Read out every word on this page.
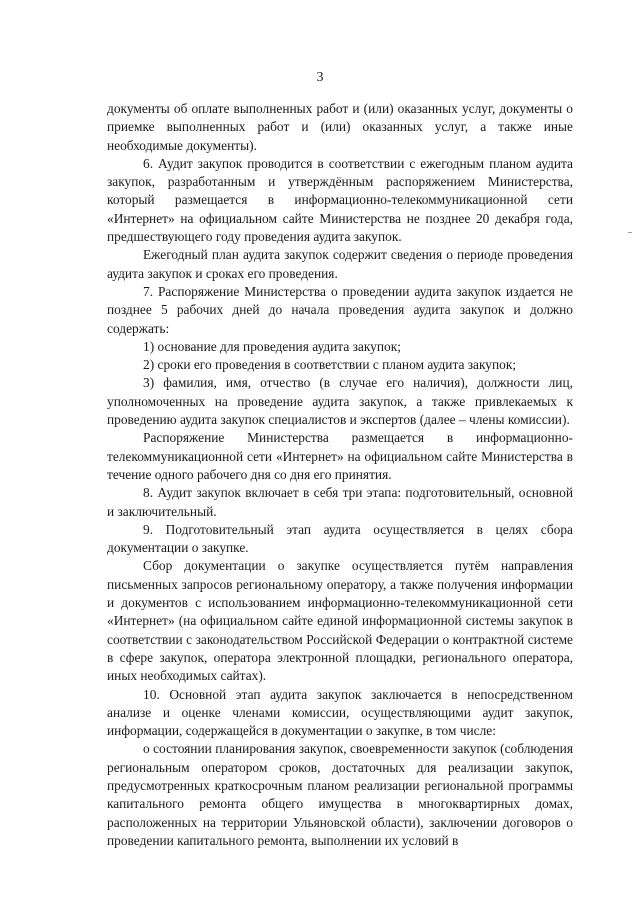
3

документы об оплате выполненных работ и (или) оказанных услуг, документы о приемке выполненных работ и (или) оказанных услуг, а также иные необходимые документы).

6. Аудит закупок проводится в соответствии с ежегодным планом аудита закупок, разработанным и утверждённым распоряжением Министерства, который размещается в информационно-телекоммуникационной сети «Интернет» на официальном сайте Министерства не позднее 20 декабря года, предшествующего году проведения аудита закупок.

Ежегодный план аудита закупок содержит сведения о периоде проведения аудита закупок и сроках его проведения.

7. Распоряжение Министерства о проведении аудита закупок издается не позднее 5 рабочих дней до начала проведения аудита закупок и должно содержать:

1) основание для проведения аудита закупок;

2) сроки его проведения в соответствии с планом аудита закупок;

3) фамилия, имя, отчество (в случае его наличия), должности лиц, уполномоченных на проведение аудита закупок, а также привлекаемых к проведению аудита закупок специалистов и экспертов (далее – члены комиссии).

Распоряжение Министерства размещается в информационно-телекоммуникационной сети «Интернет» на официальном сайте Министерства в течение одного рабочего дня со дня его принятия.

8. Аудит закупок включает в себя три этапа: подготовительный, основной и заключительный.

9. Подготовительный этап аудита осуществляется в целях сбора документации о закупке.

Сбор документации о закупке осуществляется путём направления письменных запросов региональному оператору, а также получения информации и документов с использованием информационно-телекоммуникационной сети «Интернет» (на официальном сайте единой информационной системы закупок в соответствии с законодательством Российской Федерации о контрактной системе в сфере закупок, оператора электронной площадки, регионального оператора, иных необходимых сайтах).

10. Основной этап аудита закупок заключается в непосредственном анализе и оценке членами комиссии, осуществляющими аудит закупок, информации, содержащейся в документации о закупке, в том числе:

о состоянии планирования закупок, своевременности закупок (соблюдения региональным оператором сроков, достаточных для реализации закупок, предусмотренных краткосрочным планом реализации региональной программы капитального ремонта общего имущества в многоквартирных домах, расположенных на территории Ульяновской области), заключении договоров о проведении капитального ремонта, выполнении их условий в
